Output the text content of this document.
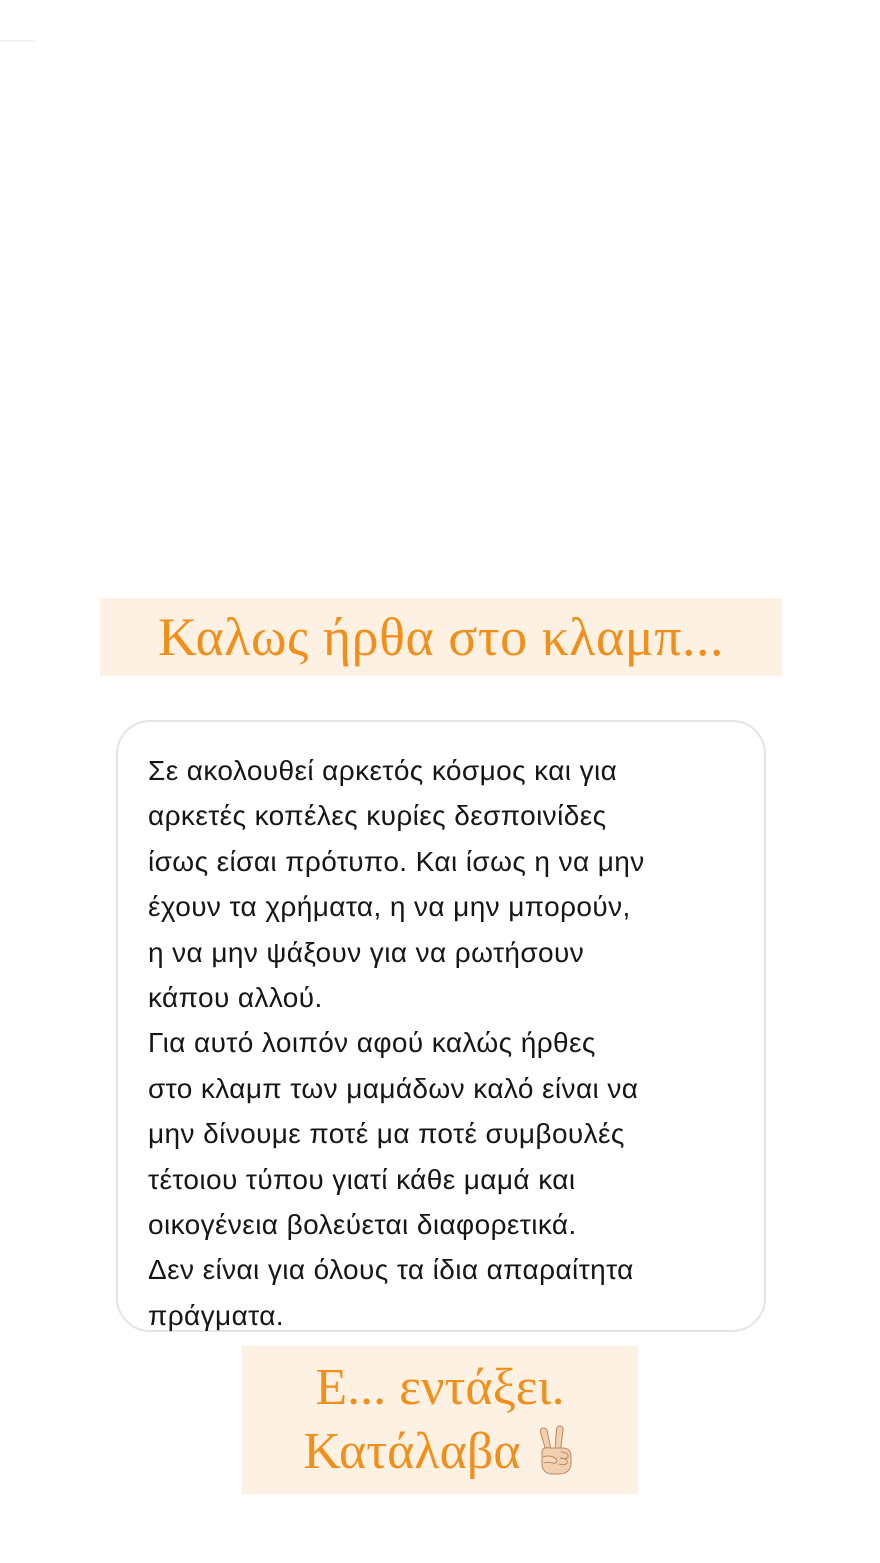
Καλως ήρθα στο κλαμπ...

Σε ακολουθεί αρκετός κόσμος και για
αρκετές κοπέλες κυρίες δεσποινίδες
ίσως είσαι πρότυπο. Και ίσως η να μην
έχουν τα χρήματα, η να μην μπορούν,
η να μην ψάξουν για να ρωτήσουν
κάπου αλλού.
Για αυτό λοιπόν αφού καλώς ήρθες
στο κλαμπ των μαμάδων καλό είναι να
μην δίνουμε ποτέ μα ποτέ συμβουλές
τέτοιου τύπου γιατί κάθε μαμά και
οικογένεια βολεύεται διαφορετικά.
Δεν είναι για όλους τα ίδια απαραίτητα
πράγματα.

Ε... εντάξει.
Κατάλαβα
